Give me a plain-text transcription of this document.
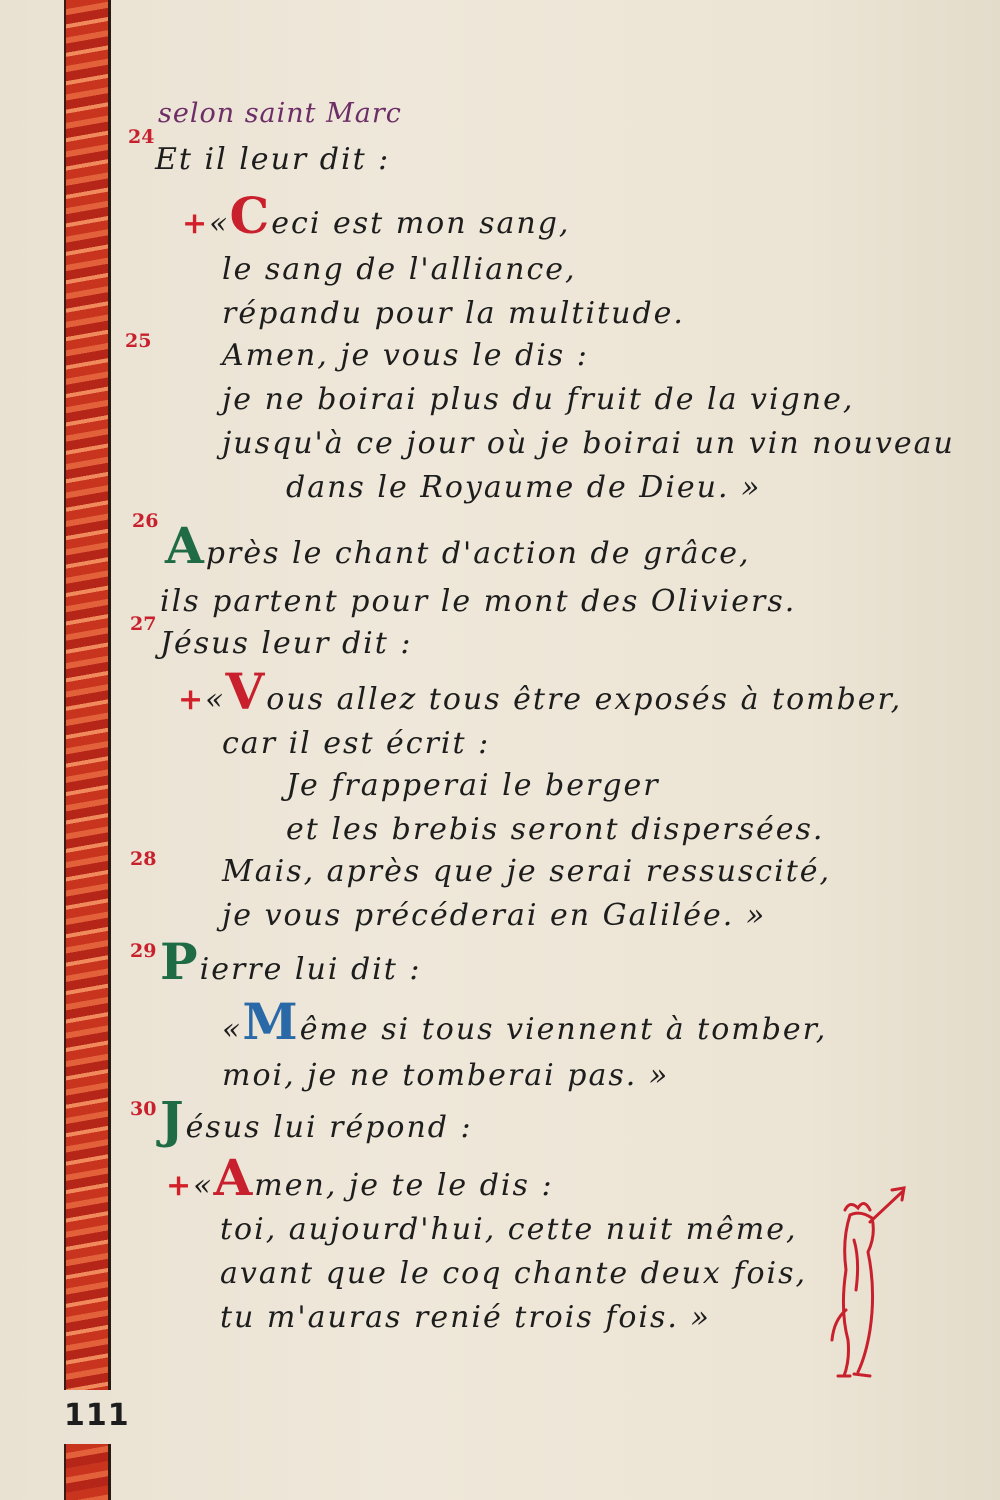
selon saint Marc
24
25
26
27
28
29
30
Et il leur dit :
+«Ceci est mon sang,
le sang de l'alliance,
répandu pour la multitude.
Amen, je vous le dis :
je ne boirai plus du fruit de la vigne,
jusqu'à ce jour où je boirai un vin nouveau
dans le Royaume de Dieu. »
Après le chant d'action de grâce,
ils partent pour le mont des Oliviers.
Jésus leur dit :
+«Vous allez tous être exposés à tomber,
car il est écrit :
Je frapperai le berger
et les brebis seront dispersées.
Mais, après que je serai ressuscité,
je vous précéderai en Galilée. »
Pierre lui dit :
«Même si tous viennent à tomber,
moi, je ne tomberai pas. »
Jésus lui répond :
+«Amen, je te le dis :
toi, aujourd'hui, cette nuit même,
avant que le coq chante deux fois,
tu m'auras renié trois fois. »
111
